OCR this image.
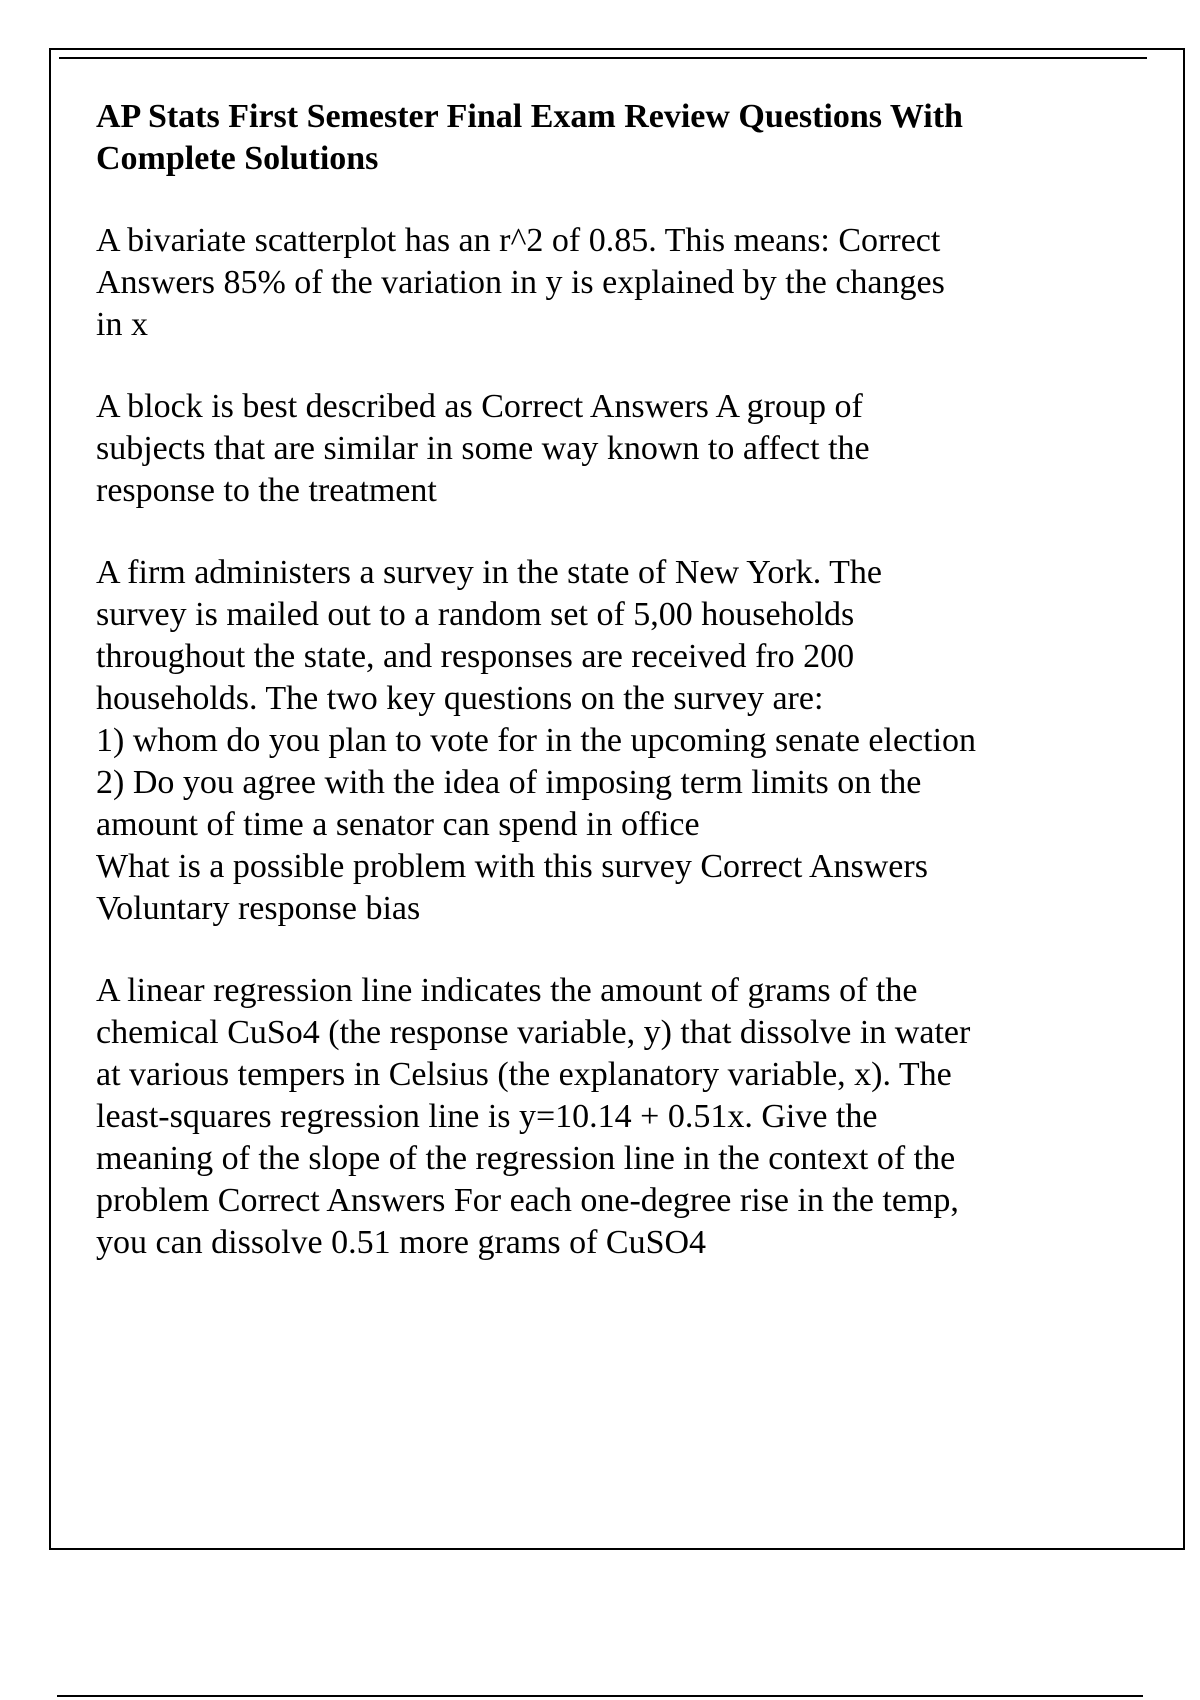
AP Stats First Semester Final Exam Review Questions With
Complete Solutions
A bivariate scatterplot has an r^2 of 0.85. This means: Correct
Answers 85% of the variation in y is explained by the changes
in x
A block is best described as Correct Answers A group of
subjects that are similar in some way known to affect the
response to the treatment
A firm administers a survey in the state of New York. The
survey is mailed out to a random set of 5,00 households
throughout the state, and responses are received fro 200
households. The two key questions on the survey are:
1) whom do you plan to vote for in the upcoming senate election
2) Do you agree with the idea of imposing term limits on the
amount of time a senator can spend in office
What is a possible problem with this survey Correct Answers
Voluntary response bias
A linear regression line indicates the amount of grams of the
chemical CuSo4 (the response variable, y) that dissolve in water
at various tempers in Celsius (the explanatory variable, x). The
least-squares regression line is y=10.14 + 0.51x. Give the
meaning of the slope of the regression line in the context of the
problem Correct Answers For each one-degree rise in the temp,
you can dissolve 0.51 more grams of CuSO4
